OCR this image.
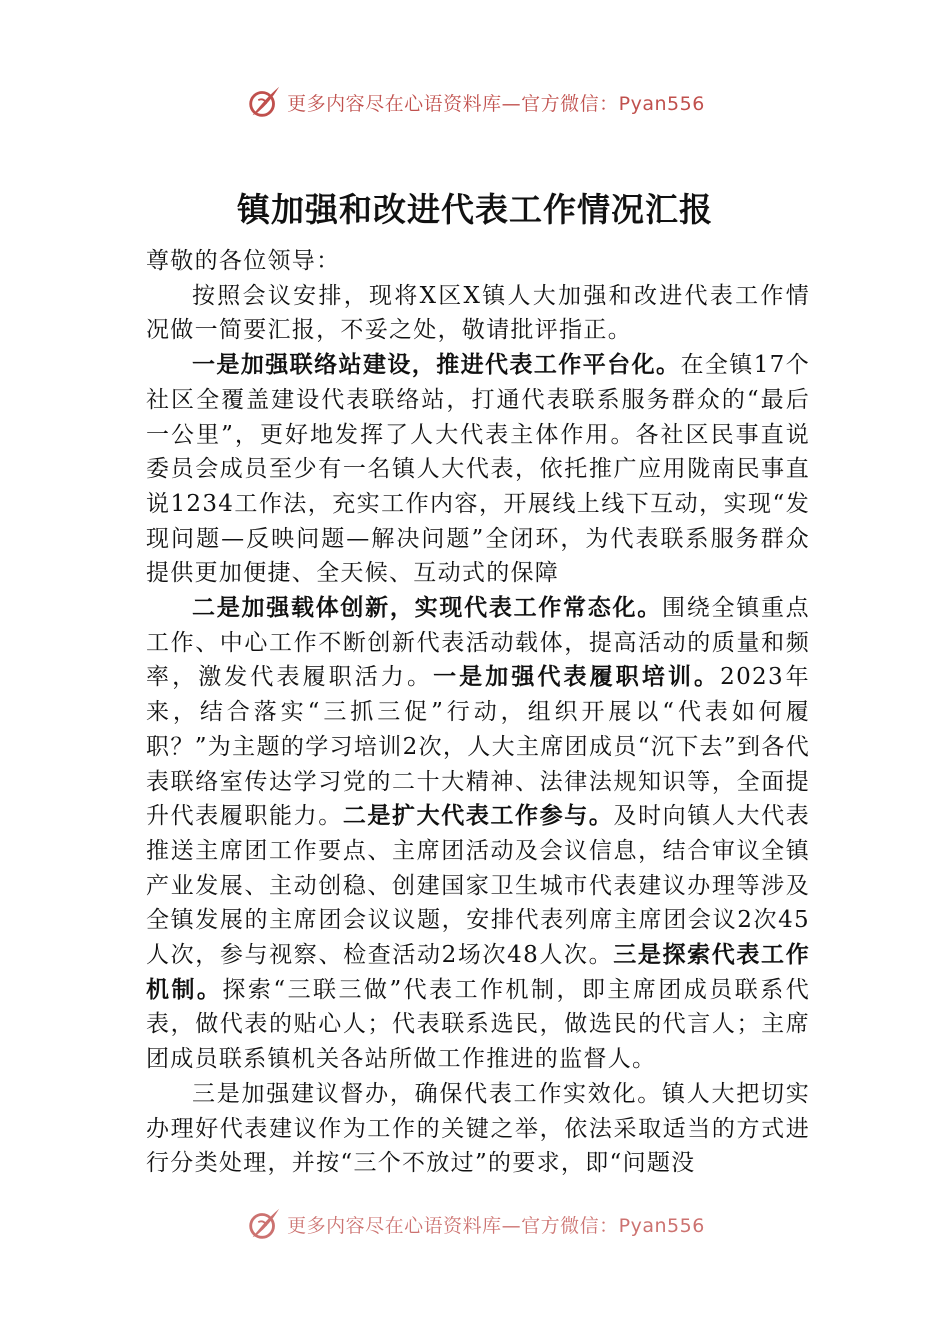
更多内容尽在心语资料库—官方微信：Pyan556
镇加强和改进代表工作情况汇报

尊敬的各位领导：

按照会议安排，现将X区X镇人大加强和改进代表工作情况做一简要汇报，不妥之处，敬请批评指正。

一是加强联络站建设，推进代表工作平台化。在全镇17个社区全覆盖建设代表联络站，打通代表联系服务群众的“最后一公里”，更好地发挥了人大代表主体作用。各社区民事直说委员会成员至少有一名镇人大代表，依托推广应用陇南民事直说1234工作法，充实工作内容，开展线上线下互动，实现“发现问题—反映问题—解决问题”全闭环，为代表联系服务群众提供更加便捷、全天候、互动式的保障

二是加强载体创新，实现代表工作常态化。围绕全镇重点工作、中心工作不断创新代表活动载体，提高活动的质量和频率，激发代表履职活力。一是加强代表履职培训。2023年来，结合落实“三抓三促”行动，组织开展以“代表如何履职？”为主题的学习培训2次，人大主席团成员“沉下去”到各代表联络室传达学习党的二十大精神、法律法规知识等，全面提升代表履职能力。二是扩大代表工作参与。及时向镇人大代表推送主席团工作要点、主席团活动及会议信息，结合审议全镇产业发展、主动创稳、创建国家卫生城市代表建议办理等涉及全镇发展的主席团会议议题，安排代表列席主席团会议2次45人次，参与视察、检查活动2场次48人次。三是探索代表工作机制。探索“三联三做”代表工作机制，即主席团成员联系代表，做代表的贴心人；代表联系选民，做选民的代言人；主席团成员联系镇机关各站所做工作推进的监督人。

三是加强建议督办，确保代表工作实效化。镇人大把切实办理好代表建议作为工作的关键之举，依法采取适当的方式进行分类处理，并按“三个不放过”的要求，即“问题没

更多内容尽在心语资料库—官方微信：Pyan556
